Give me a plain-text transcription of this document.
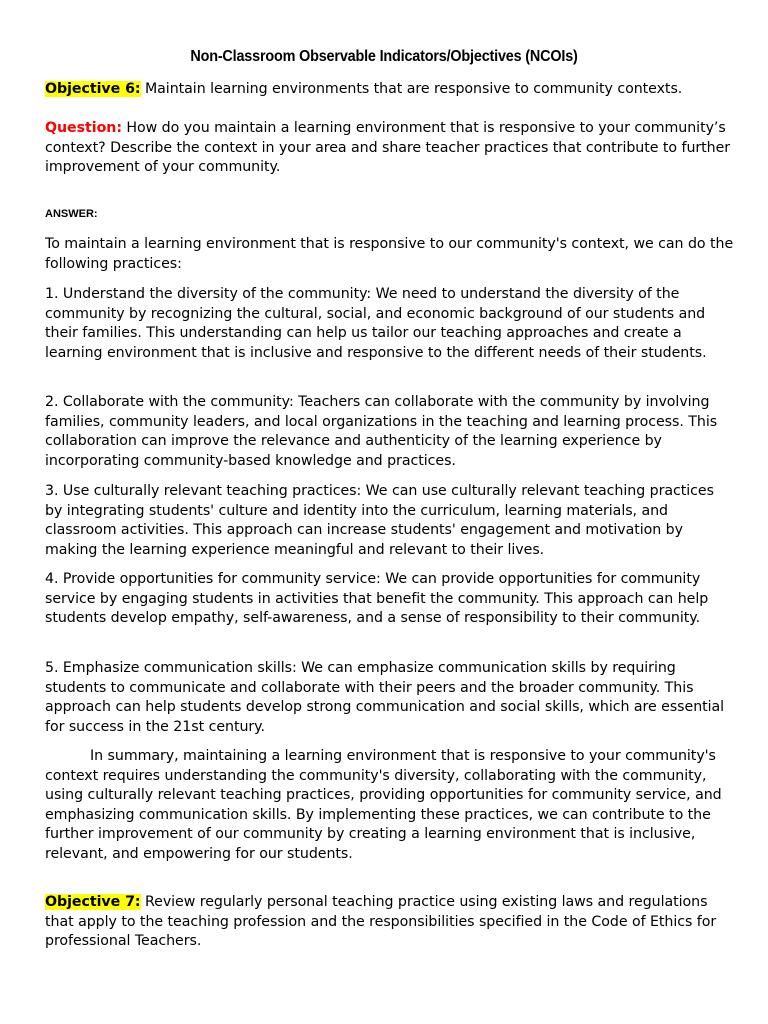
Non-Classroom Observable Indicators/Objectives (NCOIs)

Objective 6: Maintain learning environments that are responsive to community contexts.

Question: How do you maintain a learning environment that is responsive to your community’s context? Describe the context in your area and share teacher practices that contribute to further improvement of your community.

ANSWER:

To maintain a learning environment that is responsive to our community's context, we can do the following practices:

1. Understand the diversity of the community: We need to understand the diversity of the community by recognizing the cultural, social, and economic background of our students and their families. This understanding can help us tailor our teaching approaches and create a learning environment that is inclusive and responsive to the different needs of their students.

2. Collaborate with the community: Teachers can collaborate with the community by involving families, community leaders, and local organizations in the teaching and learning process. This collaboration can improve the relevance and authenticity of the learning experience by incorporating community-based knowledge and practices.

3. Use culturally relevant teaching practices: We can use culturally relevant teaching practices by integrating students' culture and identity into the curriculum, learning materials, and classroom activities. This approach can increase students' engagement and motivation by making the learning experience meaningful and relevant to their lives.

4. Provide opportunities for community service: We can provide opportunities for community service by engaging students in activities that benefit the community. This approach can help students develop empathy, self-awareness, and a sense of responsibility to their community.

5. Emphasize communication skills: We can emphasize communication skills by requiring students to communicate and collaborate with their peers and the broader community. This approach can help students develop strong communication and social skills, which are essential for success in the 21st century.

In summary, maintaining a learning environment that is responsive to your community's context requires understanding the community's diversity, collaborating with the community, using culturally relevant teaching practices, providing opportunities for community service, and emphasizing communication skills. By implementing these practices, we can contribute to the further improvement of our community by creating a learning environment that is inclusive, relevant, and empowering for our students.

Objective 7: Review regularly personal teaching practice using existing laws and regulations that apply to the teaching profession and the responsibilities specified in the Code of Ethics for professional Teachers.
